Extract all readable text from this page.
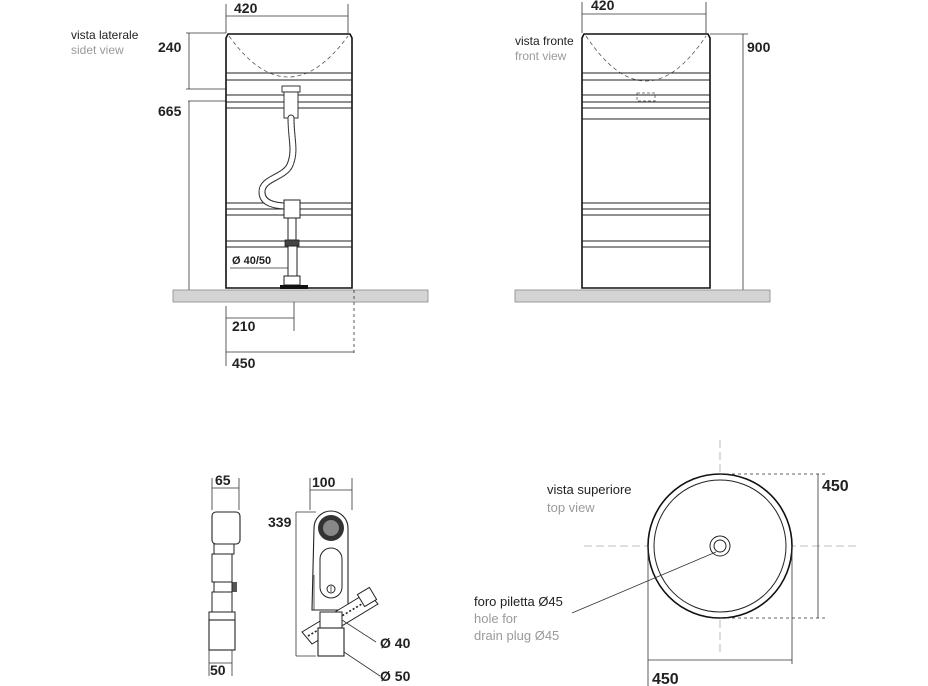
vista laterale
sidet view
420
240
665
Ø 40/50
210
450
vista fronte
front view
420
900
65
50
100
339
Ø 40
Ø 50
vista superiore
top view
450
450
foro piletta Ø45
hole for
drain plug Ø45
